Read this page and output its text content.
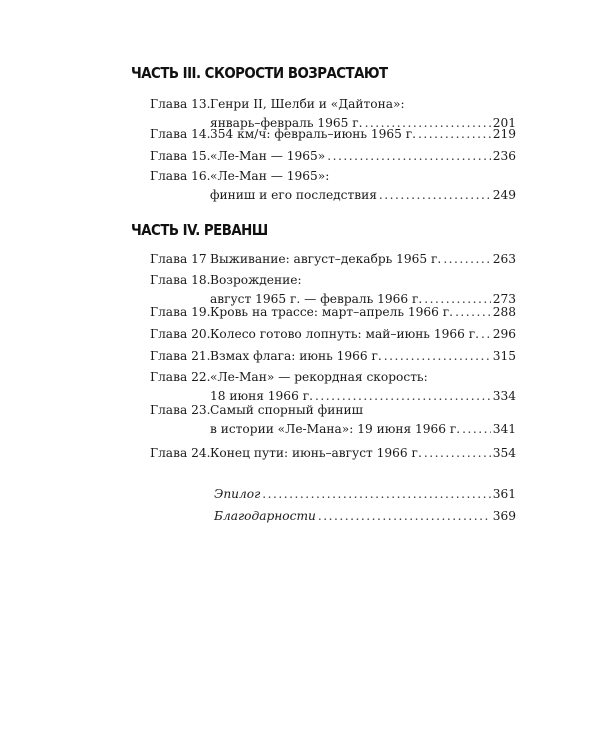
ЧАСТЬ III. СКОРОСТИ ВОЗРАСТАЮТ
Глава 13. Генри II, Шелби и «Дайтона»:
январь–февраль 1965 г. .....	201
Глава 14. 354 км/ч: февраль–июнь 1965 г. .....	219
Глава 15. «Ле-Ман — 1965» .....	236
Глава 16. «Ле-Ман — 1965»:
финиш и его последствия .....	249
ЧАСТЬ IV. РЕВАНШ
Глава 17 Выживание: август–декабрь 1965 г. .....	263
Глава 18. Возрождение:
август 1965 г. — февраль 1966 г. .....	273
Глава 19. Кровь на трассе: март–апрель 1966 г. .....	288
Глава 20. Колесо готово лопнуть: май–июнь 1966 г. ..... 296
Глава 21. Взмах флага: июнь 1966 г. .....	315
Глава 22. «Ле-Ман» — рекордная скорость:
18 июня 1966 г. .....	334
Глава 23. Самый спорный финиш
в истории «Ле-Мана»: 19 июня 1966 г. .....	341
Глава 24. Конец пути: июнь–август 1966 г. .....	354
Эпилог .....	361
Благодарности .....	369
